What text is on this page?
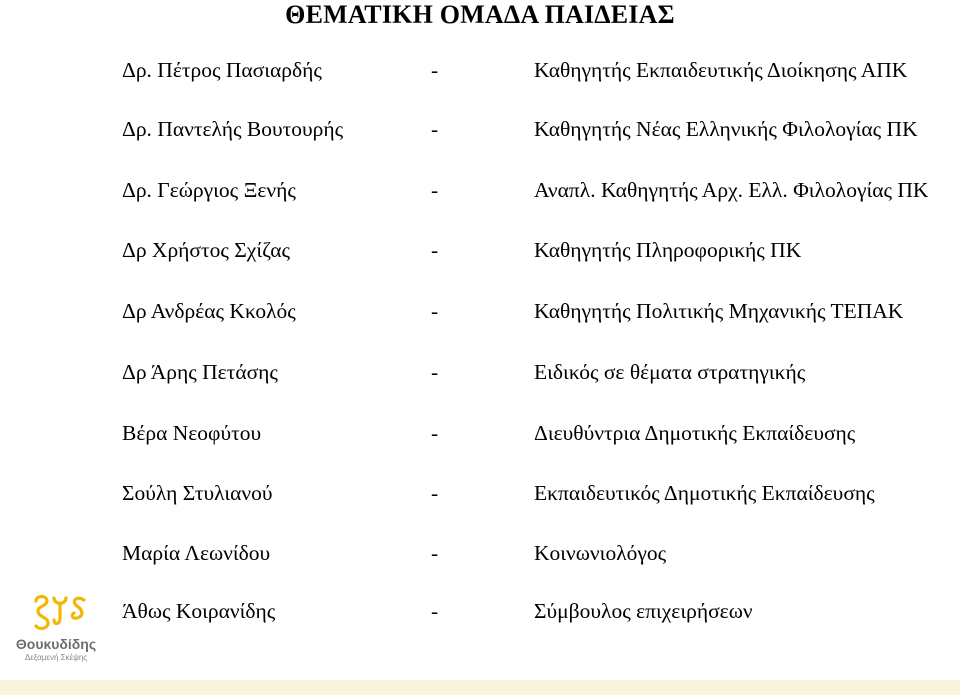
ΘΕΜΑΤΙΚΗ ΟΜΑΔΑ ΠΑΙΔΕΙΑΣ
Δρ. Πέτρος Πασιαρδής	-	Καθηγητής Εκπαιδευτικής Διοίκησης ΑΠΚ
Δρ. Παντελής Βουτουρής	-	Καθηγητής Νέας Ελληνικής Φιλολογίας ΠΚ
Δρ. Γεώργιος Ξενής	-	Αναπλ. Καθηγητής Αρχ. Ελλ. Φιλολογίας ΠΚ
Δρ Χρήστος Σχίζας	-	Καθηγητής Πληροφορικής ΠΚ
Δρ Ανδρέας Κκολός	-	Καθηγητής Πολιτικής Μηχανικής ΤΕΠΑΚ
Δρ Άρης Πετάσης	-	Ειδικός σε θέματα στρατηγικής
Βέρα Νεοφύτου	-	Διευθύντρια Δημοτικής Εκπαίδευσης
Σούλη Στυλιανού	-	Εκπαιδευτικός Δημοτικής Εκπαίδευσης
Μαρία Λεωνίδου	-	Κοινωνιολόγος
Άθως Κοιρανίδης	-	Σύμβουλος επιχειρήσεων
Θουκυδίδης
Δεξαμενή Σκέψης
